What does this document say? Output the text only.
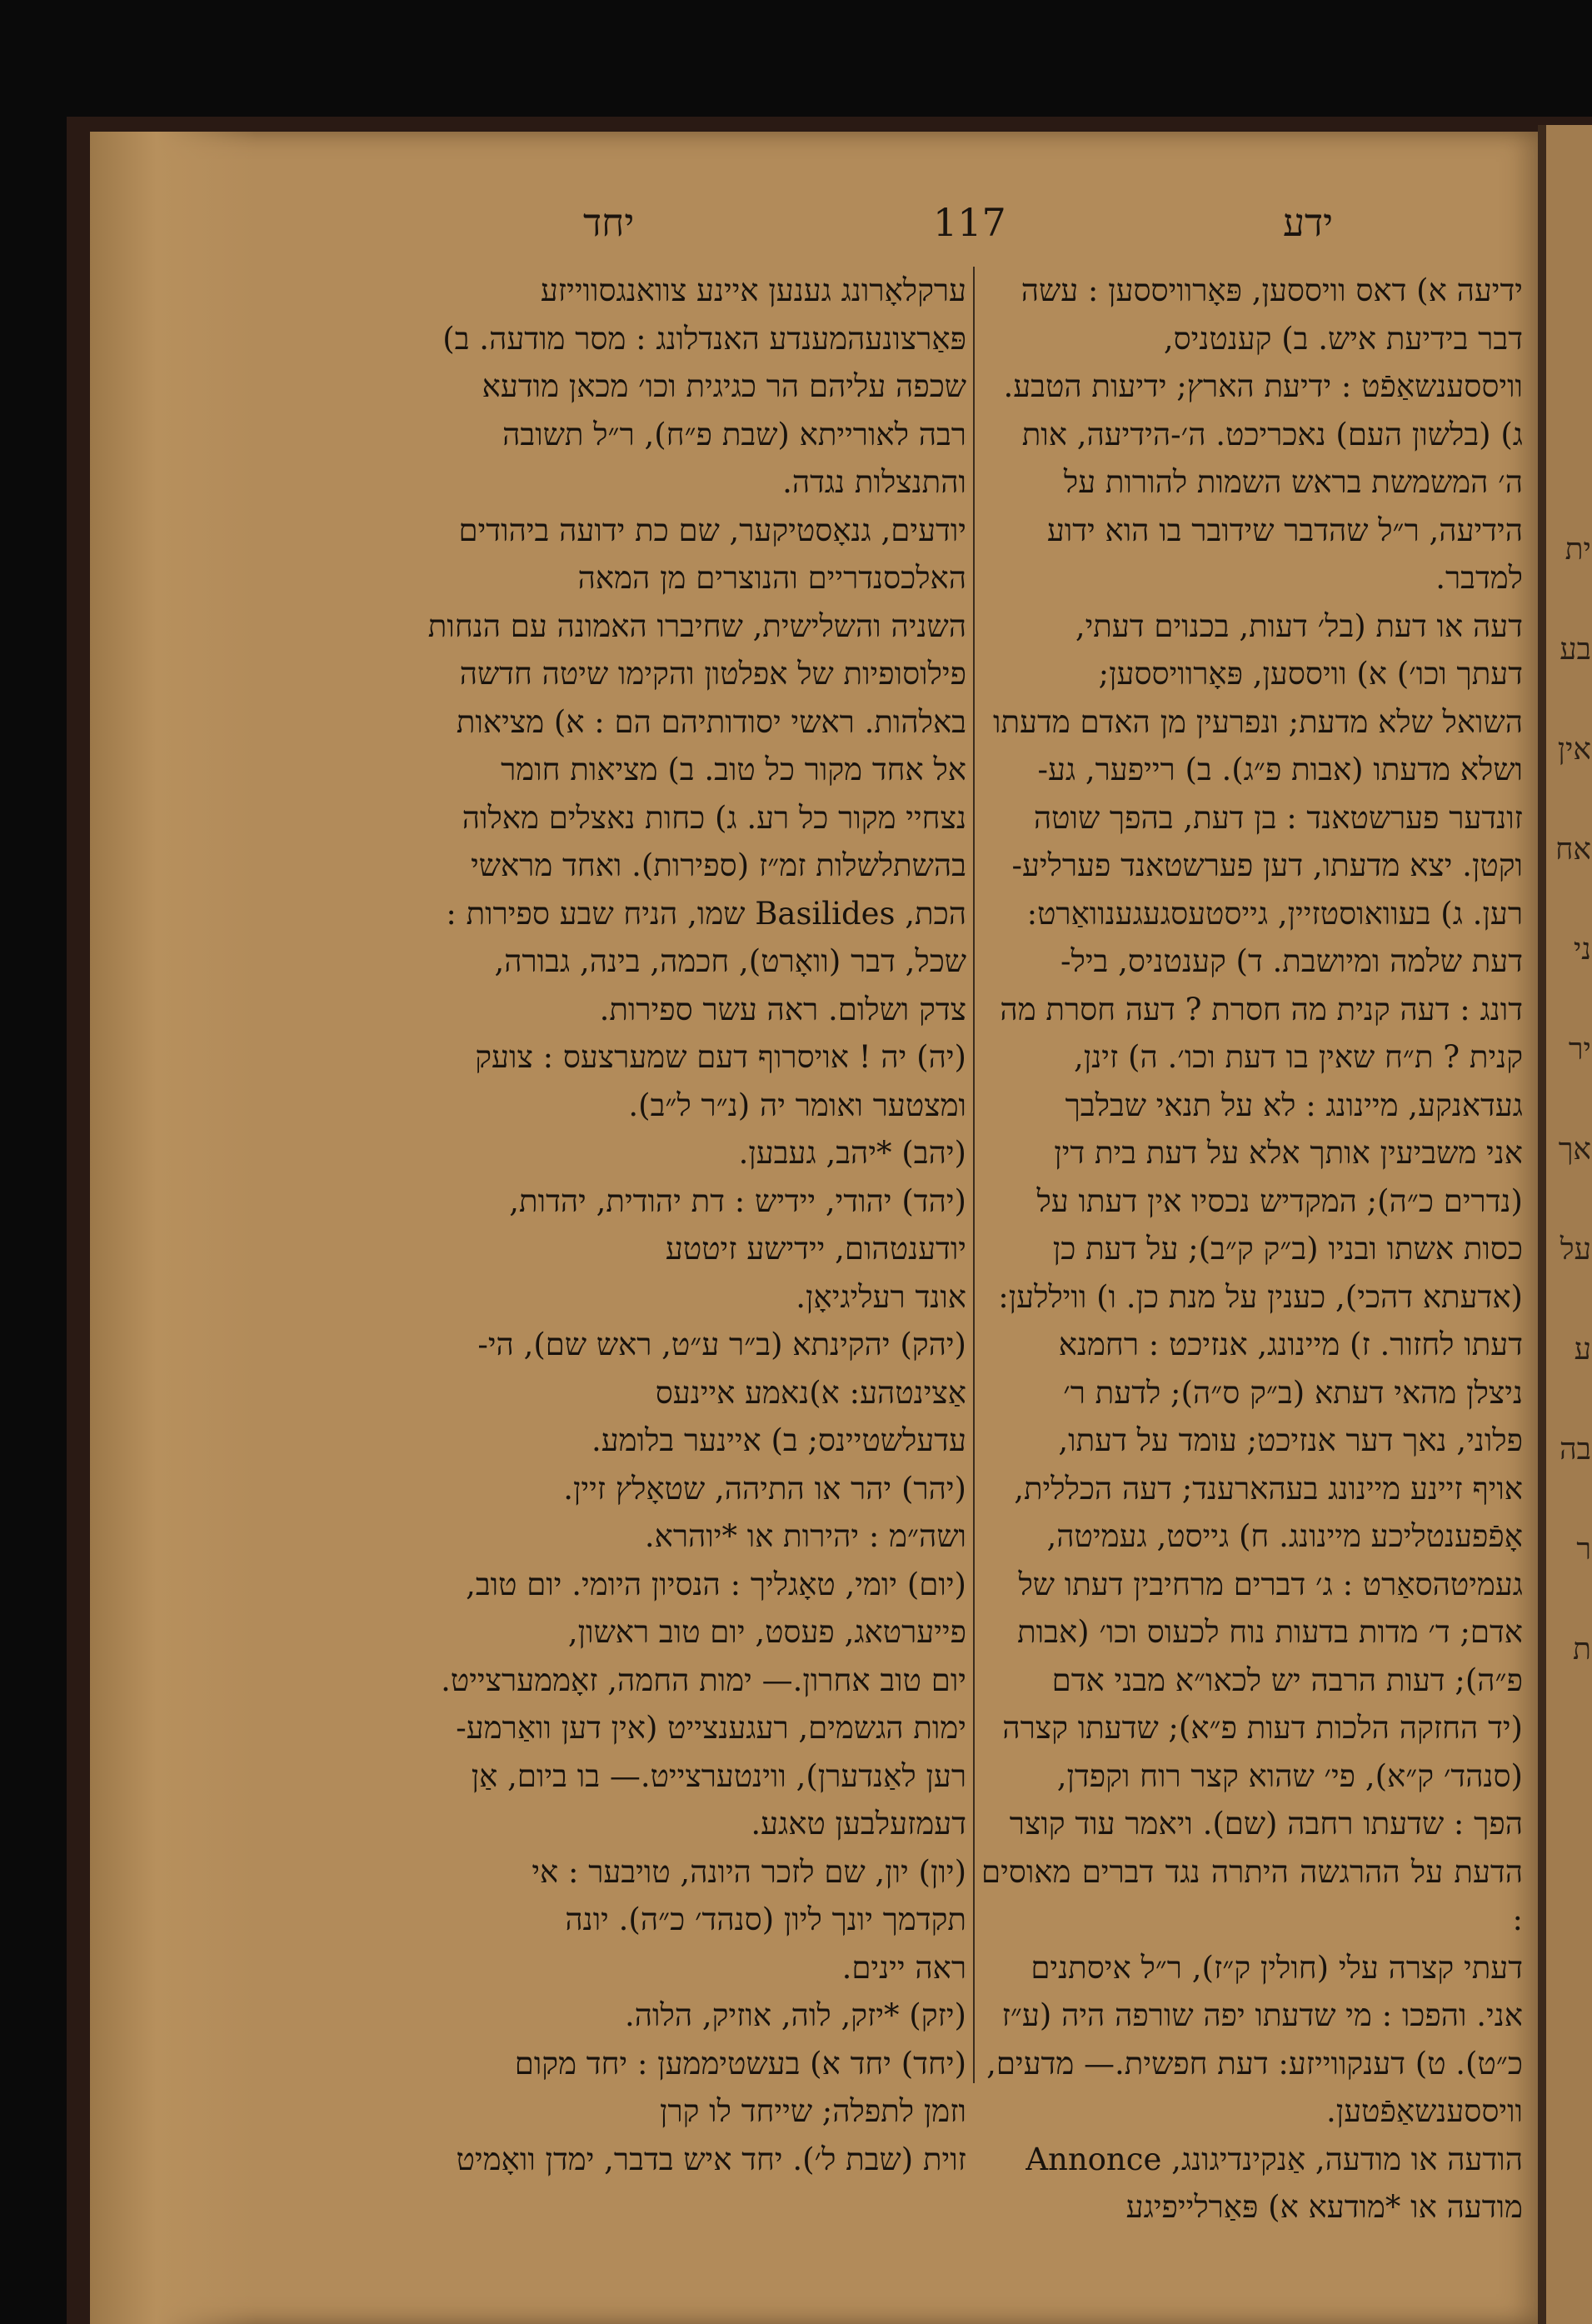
יחד	117	ידע

ערקלאָרונג גענען איינע צוואנגסווייזע

פּאַרצונעהמענדע האנדלונג : מסר מודעה. ב)

שכפה עליהם הר כגיגית וכו׳ מכאן מודעא

רבה לאורייתא (שבת פ״ח), ר״ל תשובה

והתנצלות נגדה.

יודעים, גנאָסטיקער, שם כת ידועה ביהודים

האלכסנדריים והנוצרים מן המאה

השניה והשלישית, שחיברו האמונה עם הנחות

פילוסופיות של אפלטון והקימו שיטה חדשה

באלהות. ראשי יסודותיהם הם : א) מציאות

אל אחד מקור כל טוב. ב) מציאות חומר

נצחיי מקור כל רע. ג) כחות נאצלים מאלוה

בהשתלשלות זמ״ז (ספירות). ואחד מראשי

הכת, Basilides שמו, הניח שבע ספירות :

שכל, דבר (וואָרט), חכמה, בינה, גבורה,

צדק ושלום. ראה עשר ספירות.

(יה) יה ! אויסרוף דעם שמערצעס : צועק

ומצטער ואומר יה (נ״ר ל״ב).

(יהב) *יהב, געבען.

(יהד) יהודי, יידיש : דת יהודית, יהדות,

יודענטהום, יידישע זיטטע

אונד רעליגיאָן.

(יהק) יהקינתא (ב״ר ע״ט, ראש שם), הי-

אַצינטהע: א)נאמע איינעס

עדעלשטיינס; ב) איינער בלומע.

(יהר) יהר או התיהה, שטאָלץ זיין.

ושה״מ : יהירות או *יוהרא.

(יום) יומי, טאָגליך : הנסיון היומי. יום טוב,

פייערטאג, פעסט, יום טוב ראשון,

יום טוב אחרון.— ימות החמה, זאָממערצייט.

ימות הגשמים, רעגענצייט (אין דען וואַרמע-

רען לאַנדערן), ווינטערצייט.— בו ביום, אַן

דעמזעלבען טאגע.

(יון) יון, שם לזכר היונה, טויבער : אי

תקדמך יונך ליון (סנהד׳ כ״ה). יונה

ראה יינים.

(יזק) *יזק, לוה, אוזיק, הלוה.

(יחד) יחד א) בעשטיממען : יחד מקום

וזמן לתפלה; שייחד לו קרן

זוית (שבת ל׳). יחד איש בדבר, ימדן וואָמיט

ידיעה א) דאס וויססען, פּאָרוויססען : עשה

דבר בידיעת איש. ב) קענטניס,

וויססענשאַפֿט : ידיעת הארץ; ידיעות הטבע.

ג) (בלשון העם) נאכריכט. ה׳-הידיעה, אות

ה׳ המשמשת בראש השמות להורות על

הידיעה, ר״ל שהדבר שידובר בו הוא ידוע

למדבר.

דעה או דעת (בל׳ דעות, בכנוים דעתי,

דעתך וכו׳) א) וויססען, פּאָרוויססען;

השואל שלא מדעת; ונפרעין מן האדם מדעתו

ושלא מדעתו (אבות פ״ג). ב) רייפער, גע-

זונדער פערשטאנד : בן דעת, בהפך שוטה

וקטן. יצא מדעתו, דען פערשטאנד פערליע-

רען. ג) בעוואוסטזיין, גייסטעסגעגענוואַרט:

דעת שלמה ומיושבת. ד) קענטניס, ביל-

דונג : דעה קנית מה חסרת ? דעה חסרת מה

קנית ? ת״ח שאין בו דעת וכו׳. ה) זינן,

געדאנקע, מיינונג : לא על תנאי שבלבך

אני משביעין אותך אלא על דעת בית דין

(נדרים כ״ה); המקדיש נכסיו אין דעתו על

כסות אשתו ובניו (ב״ק ק״ב); על דעת כן

(אדעתא דהכי), כענין על מנת כן. ו) וויללען:

דעתו לחזור. ז) מיינונג, אנזיכט : רחמנא

ניצלן מהאי דעתא (ב״ק ס״ה); לדעת ר׳

פלוני, נאך דער אנזיכט; עומד על דעתו,

אויף זיינע מיינונג בעהארענד; דעה הכללית,

אָפֿפענטליכע מיינונג. ח) גייסט, געמיטה,

געמיטהסאַרט : ג׳ דברים מרחיבין דעתו של

אדם; ד׳ מדות בדעות נוח לכעוס וכו׳ (אבות

פ״ה); דעות הרבה יש לכאו״א מבני אדם

(יד החזקה הלכות דעות פ״א); שדעתו קצרה

(סנהד׳ ק״א), פי׳ שהוא קצר רוח וקפדן,

הפך : שדעתו רחבה (שם). ויאמר עוד קוצר

הדעת על ההרגשה היתרה נגד דברים מאוסים :

דעתי קצרה עלי (חולין ק״ז), ר״ל איסתנים

אני. והפכו : מי שדעתו יפה שורפה היה (ע״ז

כ״ט). ט) דענקווייזע: דעת חפשית.— מדעים,

וויססענשאַפֿטען.

הודעה או מודעה, אַנקינדיגונג, Annonce

מודעה או *מודעא א) פּאַרלייפיגע

ית
בע
אין
אח
ני
יר
אך
על
ע
בה
ר
ת
